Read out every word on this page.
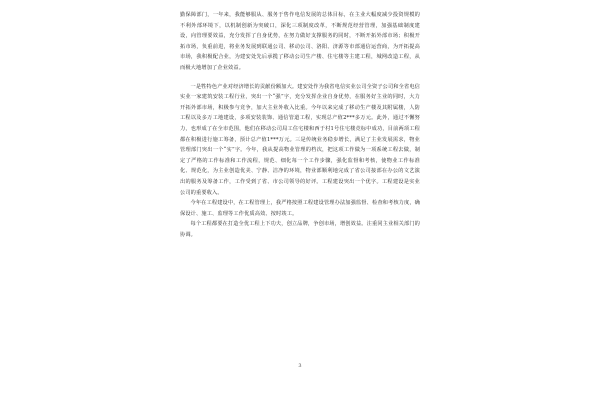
勤保障部门，一年来，我能够服从、服务于售作电信发展的总体目标，在主业大幅度减少投资规模的不利外部环境下，以机制创新为突破口，深化三项制度改革，不断规范经营管理，加强基础制度建设，向管理要效益，充分发挥了自身优势，在努力做好支撑服务的同时，不断开拓外部市场；积极开拓市场，负重前进，将业务发展到联通公司、移动公司、洛阳、济源等市部通信运营商，为开拓提高市场，我积极配合业，为建安处先后承揽了移动公司生产楼、住宅楼等主建工程，城网改造工程，从而极大地增加了企业效益。

一是牲特色产业对经济增长的贡献份额加大。建安处作为我省电信实业公司全资子公司和全省电信实业一家建筑安装工程行业，突出一个“强”字，充分发挥企业自身优势，在服务好主业的同时，大力开拓外部市场，积极参与竞争，加大主业外收入比重。今年以来完成了移动生产楼及其附属楼，人防工程以及多万工地建设，多项安装装饰、通信管道工程，实现总产值2***多万元。此外，通过不懈努力，也形成了在全市范围，他们在移动公司局工住宅楼和西于村1号住宅楼竞标中成功，目前两项工程都在积极进行施工筹备，预计总产值1***万元。三是传统业务稳步增长，满足了主业发展需求，物业管理部门突出一个“实”字。今年，我从提高物业管理的档次，把这项工作做为一项系统工程去做，制定了严格的工作标准和工作流程，规范、细化每一个工作步骤，强化监督和考核，使物业工作标准化、规范化，为主业创造优美、宁静、洁净的环境，物业部顺利地完成了省公司接部在办公的文艺演出的服务及筹备工作，工作受到了省、市公司领导的好评。工程建设突出一个优字。工程建设是实业公司的重要收入。

今年在工程建设中，在工程管理上，我严格按照工程建设管理办法加强监督、检查和考核力度，确保设计、施工、监理等工作优质高效、按时竣工。

每个工程都要在打造全优工程上下功夫，创立品牌，争创市场，增创效益。注重同主业相关部门的协调。

3
